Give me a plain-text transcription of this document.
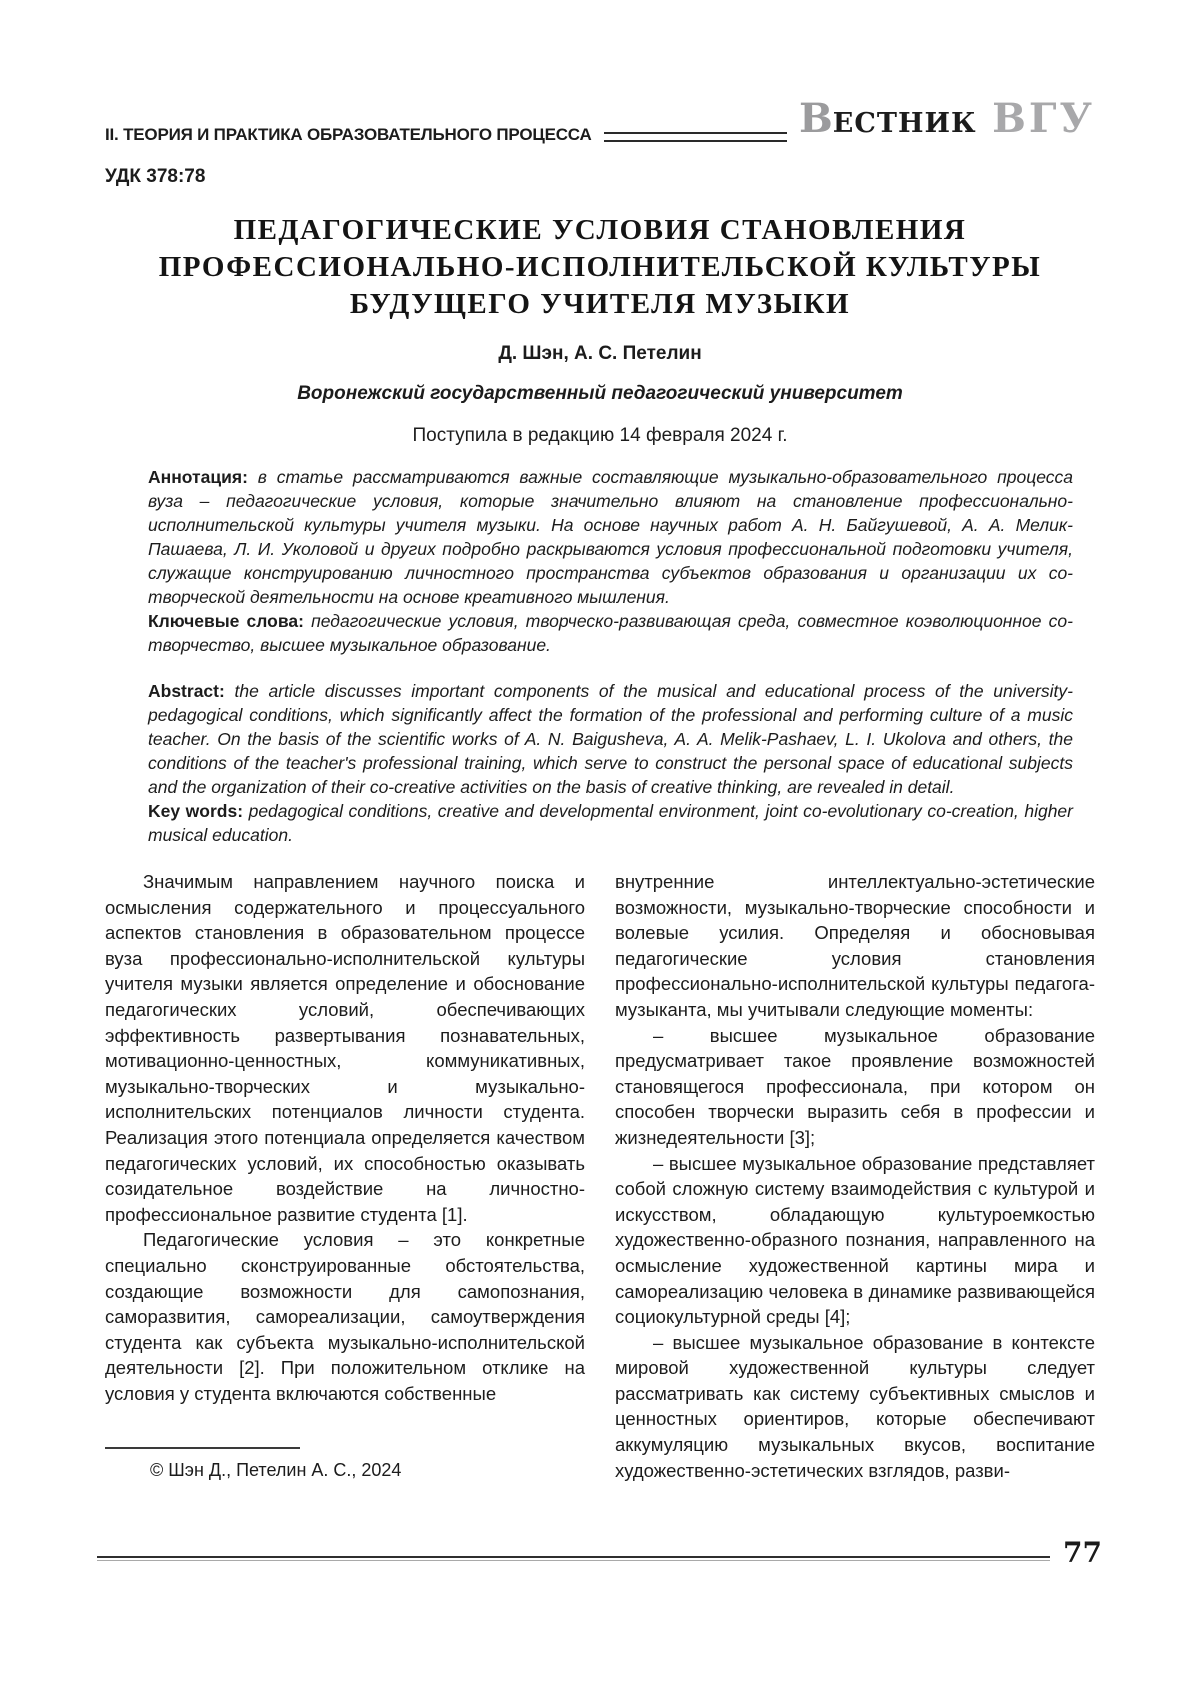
II. ТЕОРИЯ И ПРАКТИКА ОБРАЗОВАТЕЛЬНОГО ПРОЦЕССА	ВЕСТНИК ВГУ
УДК 378:78
ПЕДАГОГИЧЕСКИЕ УСЛОВИЯ СТАНОВЛЕНИЯ
ПРОФЕССИОНАЛЬНО-ИСПОЛНИТЕЛЬСКОЙ КУЛЬТУРЫ
БУДУЩЕГО УЧИТЕЛЯ МУЗЫКИ
Д. Шэн, А. С. Петелин
Воронежский государственный педагогический университет
Поступила в редакцию 14 февраля 2024 г.

Аннотация: в статье рассматриваются важные составляющие музыкально-образовательного процесса вуза – педагогические условия, которые значительно влияют на становление профессионально-исполнительской культуры учителя музыки. На основе научных работ А. Н. Байгушевой, А. А. Мелик-Пашаева, Л. И. Уколовой и других подробно раскрываются условия профессиональной подготовки учителя, служащие конструированию личностного пространства субъектов образования и организации их со-творческой деятельности на основе креативного мышления.

Ключевые слова: педагогические условия, творческо-развивающая среда, совместное коэволюционное со-творчество, высшее музыкальное образование.

Abstract: the article discusses important components of the musical and educational process of the university-pedagogical conditions, which significantly affect the formation of the professional and performing culture of a music teacher. On the basis of the scientific works of A. N. Baigusheva, A. A. Melik-Pashaev, L. I. Ukolova and others, the conditions of the teacher's professional training, which serve to construct the personal space of educational subjects and the organization of their co-creative activities on the basis of creative thinking, are revealed in detail.

Key words: pedagogical conditions, creative and developmental environment, joint co-evolutionary co-creation, higher musical education.

Значимым направлением научного поиска и осмысления содержательного и процессуального аспектов становления в образовательном процессе вуза профессионально-исполнительской культуры учителя музыки является определение и обоснование педагогических условий, обеспечивающих эффективность развертывания познавательных, мотивационно-ценностных, коммуникативных, музыкально-творческих и музыкально-исполнительских потенциалов личности студента. Реализация этого потенциала определяется качеством педагогических условий, их способностью оказывать созидательное воздействие на личностно-профессиональное развитие студента [1].

Педагогические условия – это конкретные специально сконструированные обстоятельства, создающие возможности для самопознания, саморазвития, самореализации, самоутверждения студента как субъекта музыкально-исполнительской деятельности [2]. При положительном отклике на условия у студента включаются собственные

© Шэн Д., Петелин А. С., 2024

внутренние интеллектуально-эстетические возможности, музыкально-творческие способности и волевые усилия. Определяя и обосновывая педагогические условия становления профессионально-исполнительской культуры педагога-музыканта, мы учитывали следующие моменты:

– высшее музыкальное образование предусматривает такое проявление возможностей становящегося профессионала, при котором он способен творчески выразить себя в профессии и жизнедеятельности [3];

– высшее музыкальное образование представляет собой сложную систему взаимодействия с культурой и искусством, обладающую культуроемкостью художественно-образного познания, направленного на осмысление художественной картины мира и самореализацию человека в динамике развивающейся социокультурной среды [4];

– высшее музыкальное образование в контексте мировой художественной культуры следует рассматривать как систему субъективных смыслов и ценностных ориентиров, которые обеспечивают аккумуляцию музыкальных вкусов, воспитание художественно-эстетических взглядов, разви-

77
